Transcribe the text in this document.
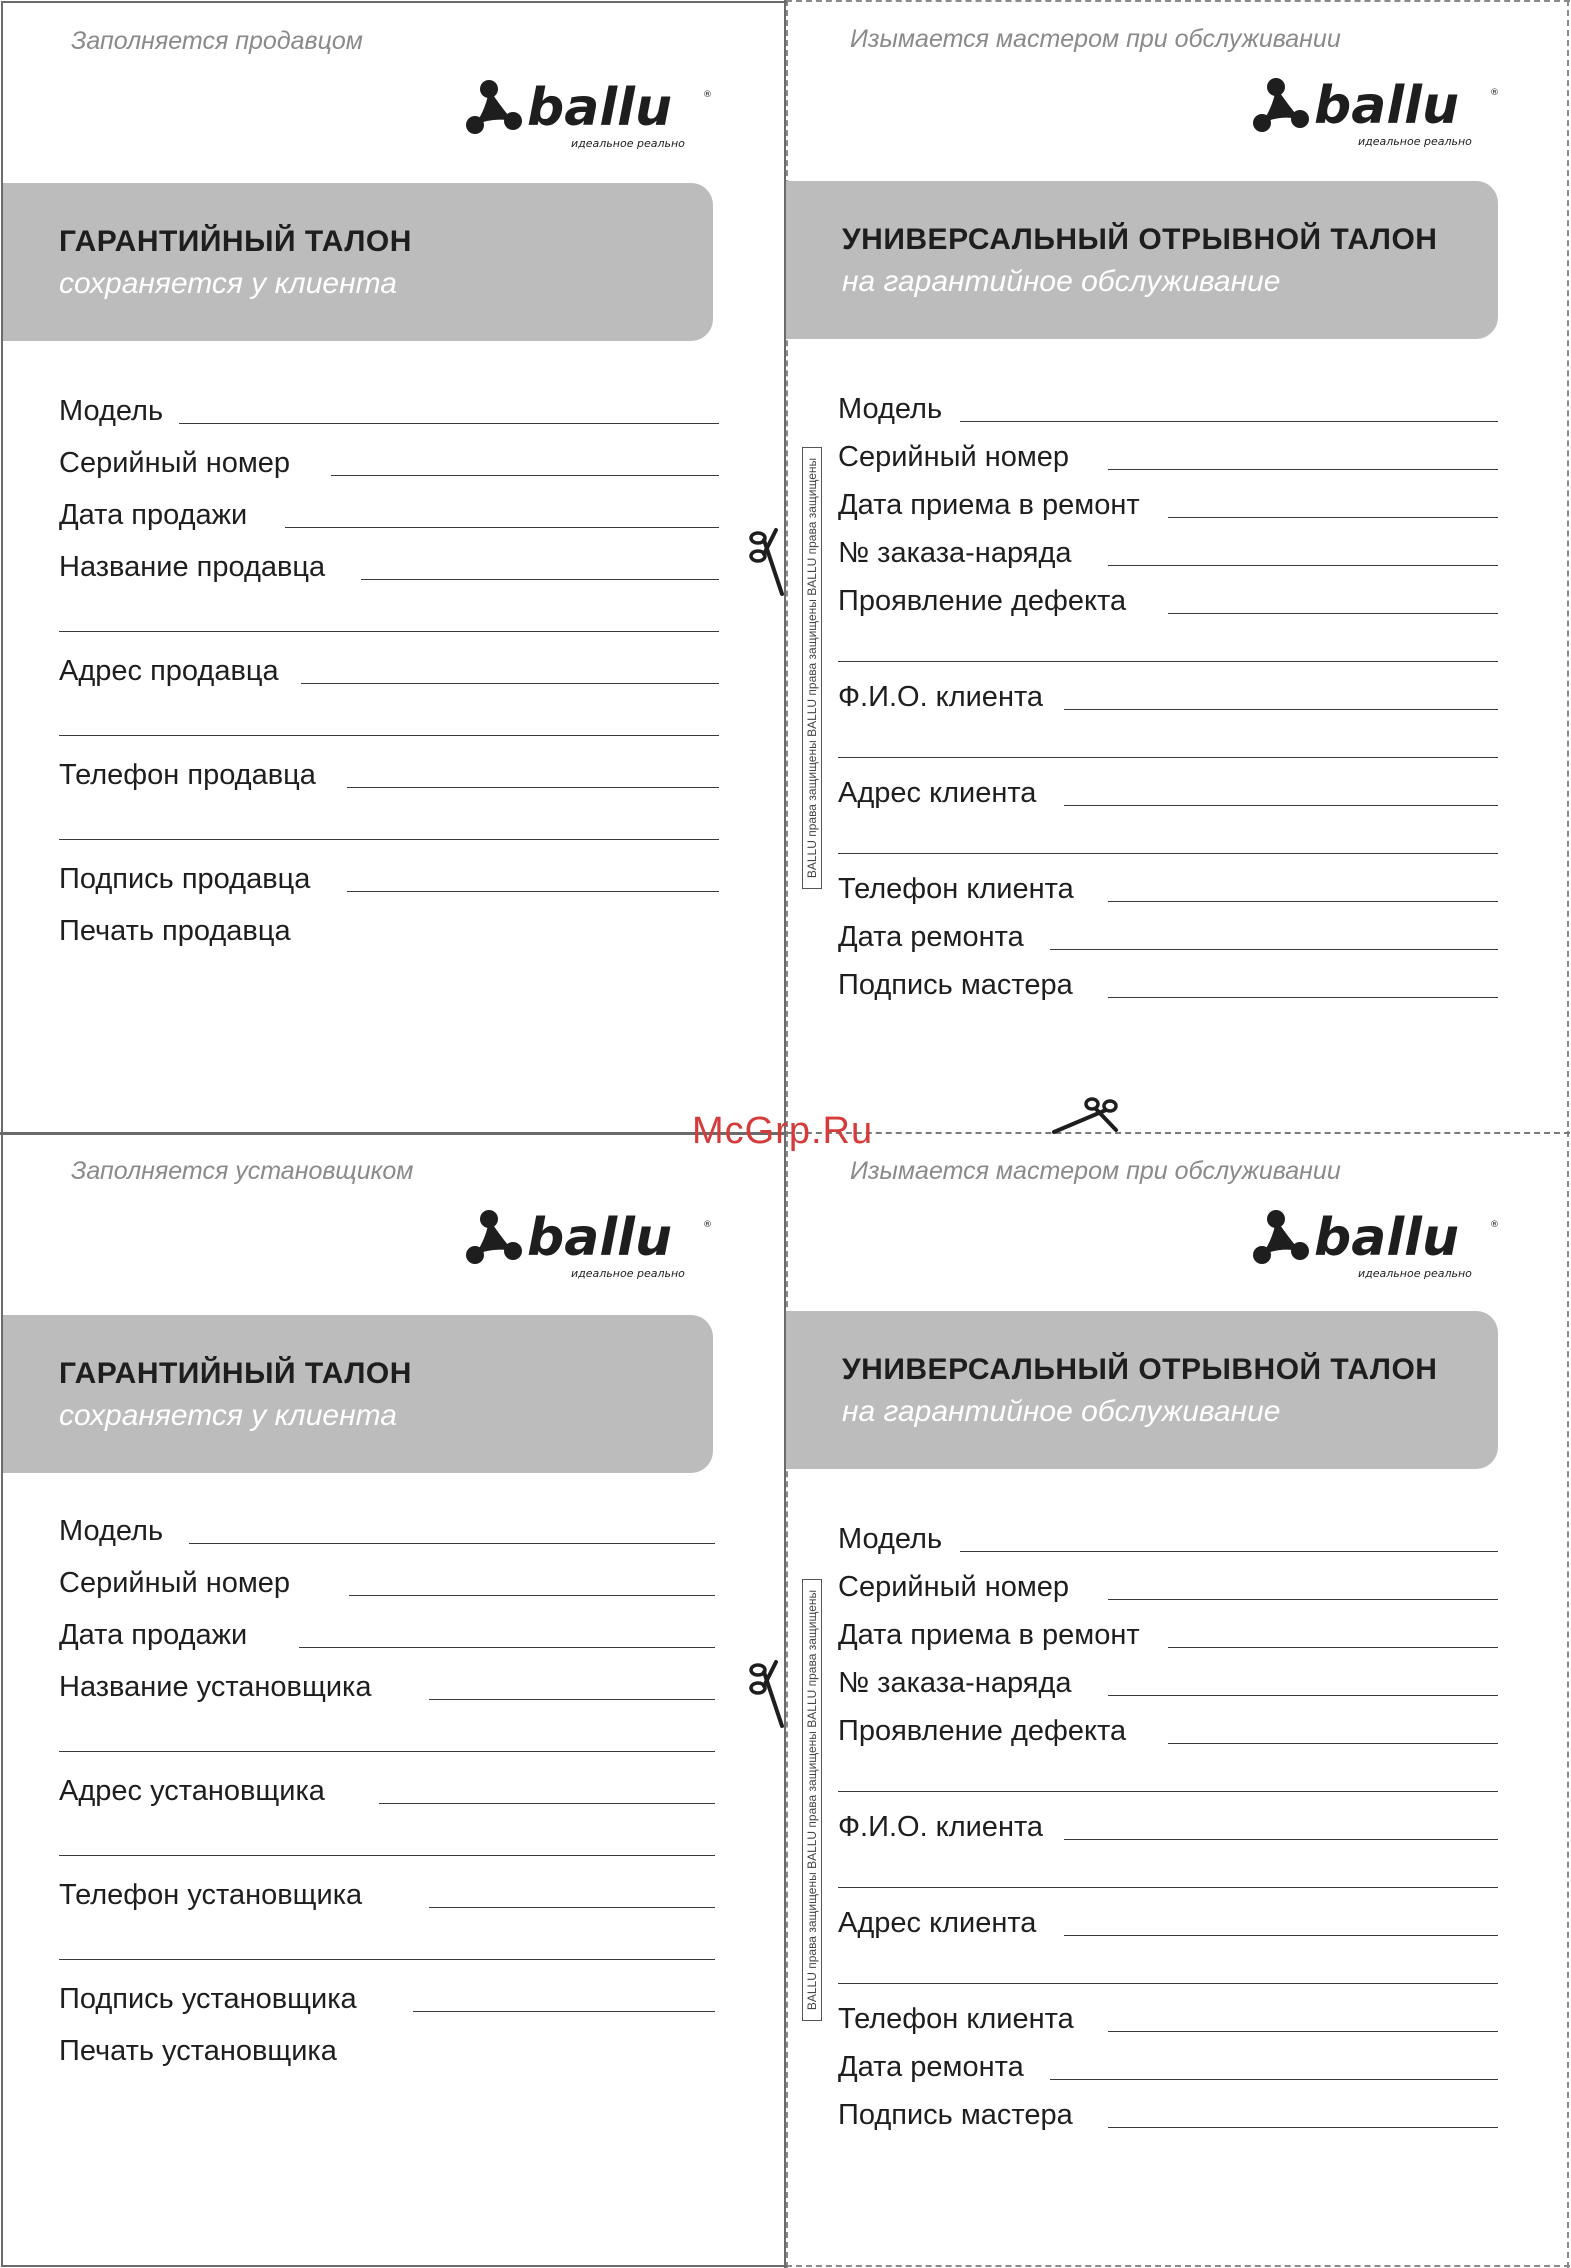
Заполняется продавцом
ballu
идеальное реально
®
ГАРАНТИЙНЫЙ ТАЛОН
сохраняется у клиента
Модель
Серийный номер
Дата продажи
Название продавца
Адрес продавца
Телефон продавца
Подпись продавца
Печать продавца
Изымается мастером при обслуживании
ballu
идеальное реально
®
УНИВЕРСАЛЬНЫЙ ОТРЫВНОЙ ТАЛОН
на гарантийное обслуживание
BALLU права защищены BALLU права защищены BALLU права защищены
Модель
Серийный номер
Дата приема в ремонт
№ заказа-наряда
Проявление дефекта
Ф.И.О. клиента
Адрес клиента
Телефон клиента
Дата ремонта
Подпись мастера
Заполняется установщиком
ballu
идеальное реально
®
ГАРАНТИЙНЫЙ ТАЛОН
сохраняется у клиента
Модель
Серийный номер
Дата продажи
Название установщика
Адрес установщика
Телефон установщика
Подпись установщика
Печать установщика
Изымается мастером при обслуживании
ballu
идеальное реально
®
УНИВЕРСАЛЬНЫЙ ОТРЫВНОЙ ТАЛОН
на гарантийное обслуживание
BALLU права защищены BALLU права защищены BALLU права защищены
Модель
Серийный номер
Дата приема в ремонт
№ заказа-наряда
Проявление дефекта
Ф.И.О. клиента
Адрес клиента
Телефон клиента
Дата ремонта
Подпись мастера
McGrp.Ru
